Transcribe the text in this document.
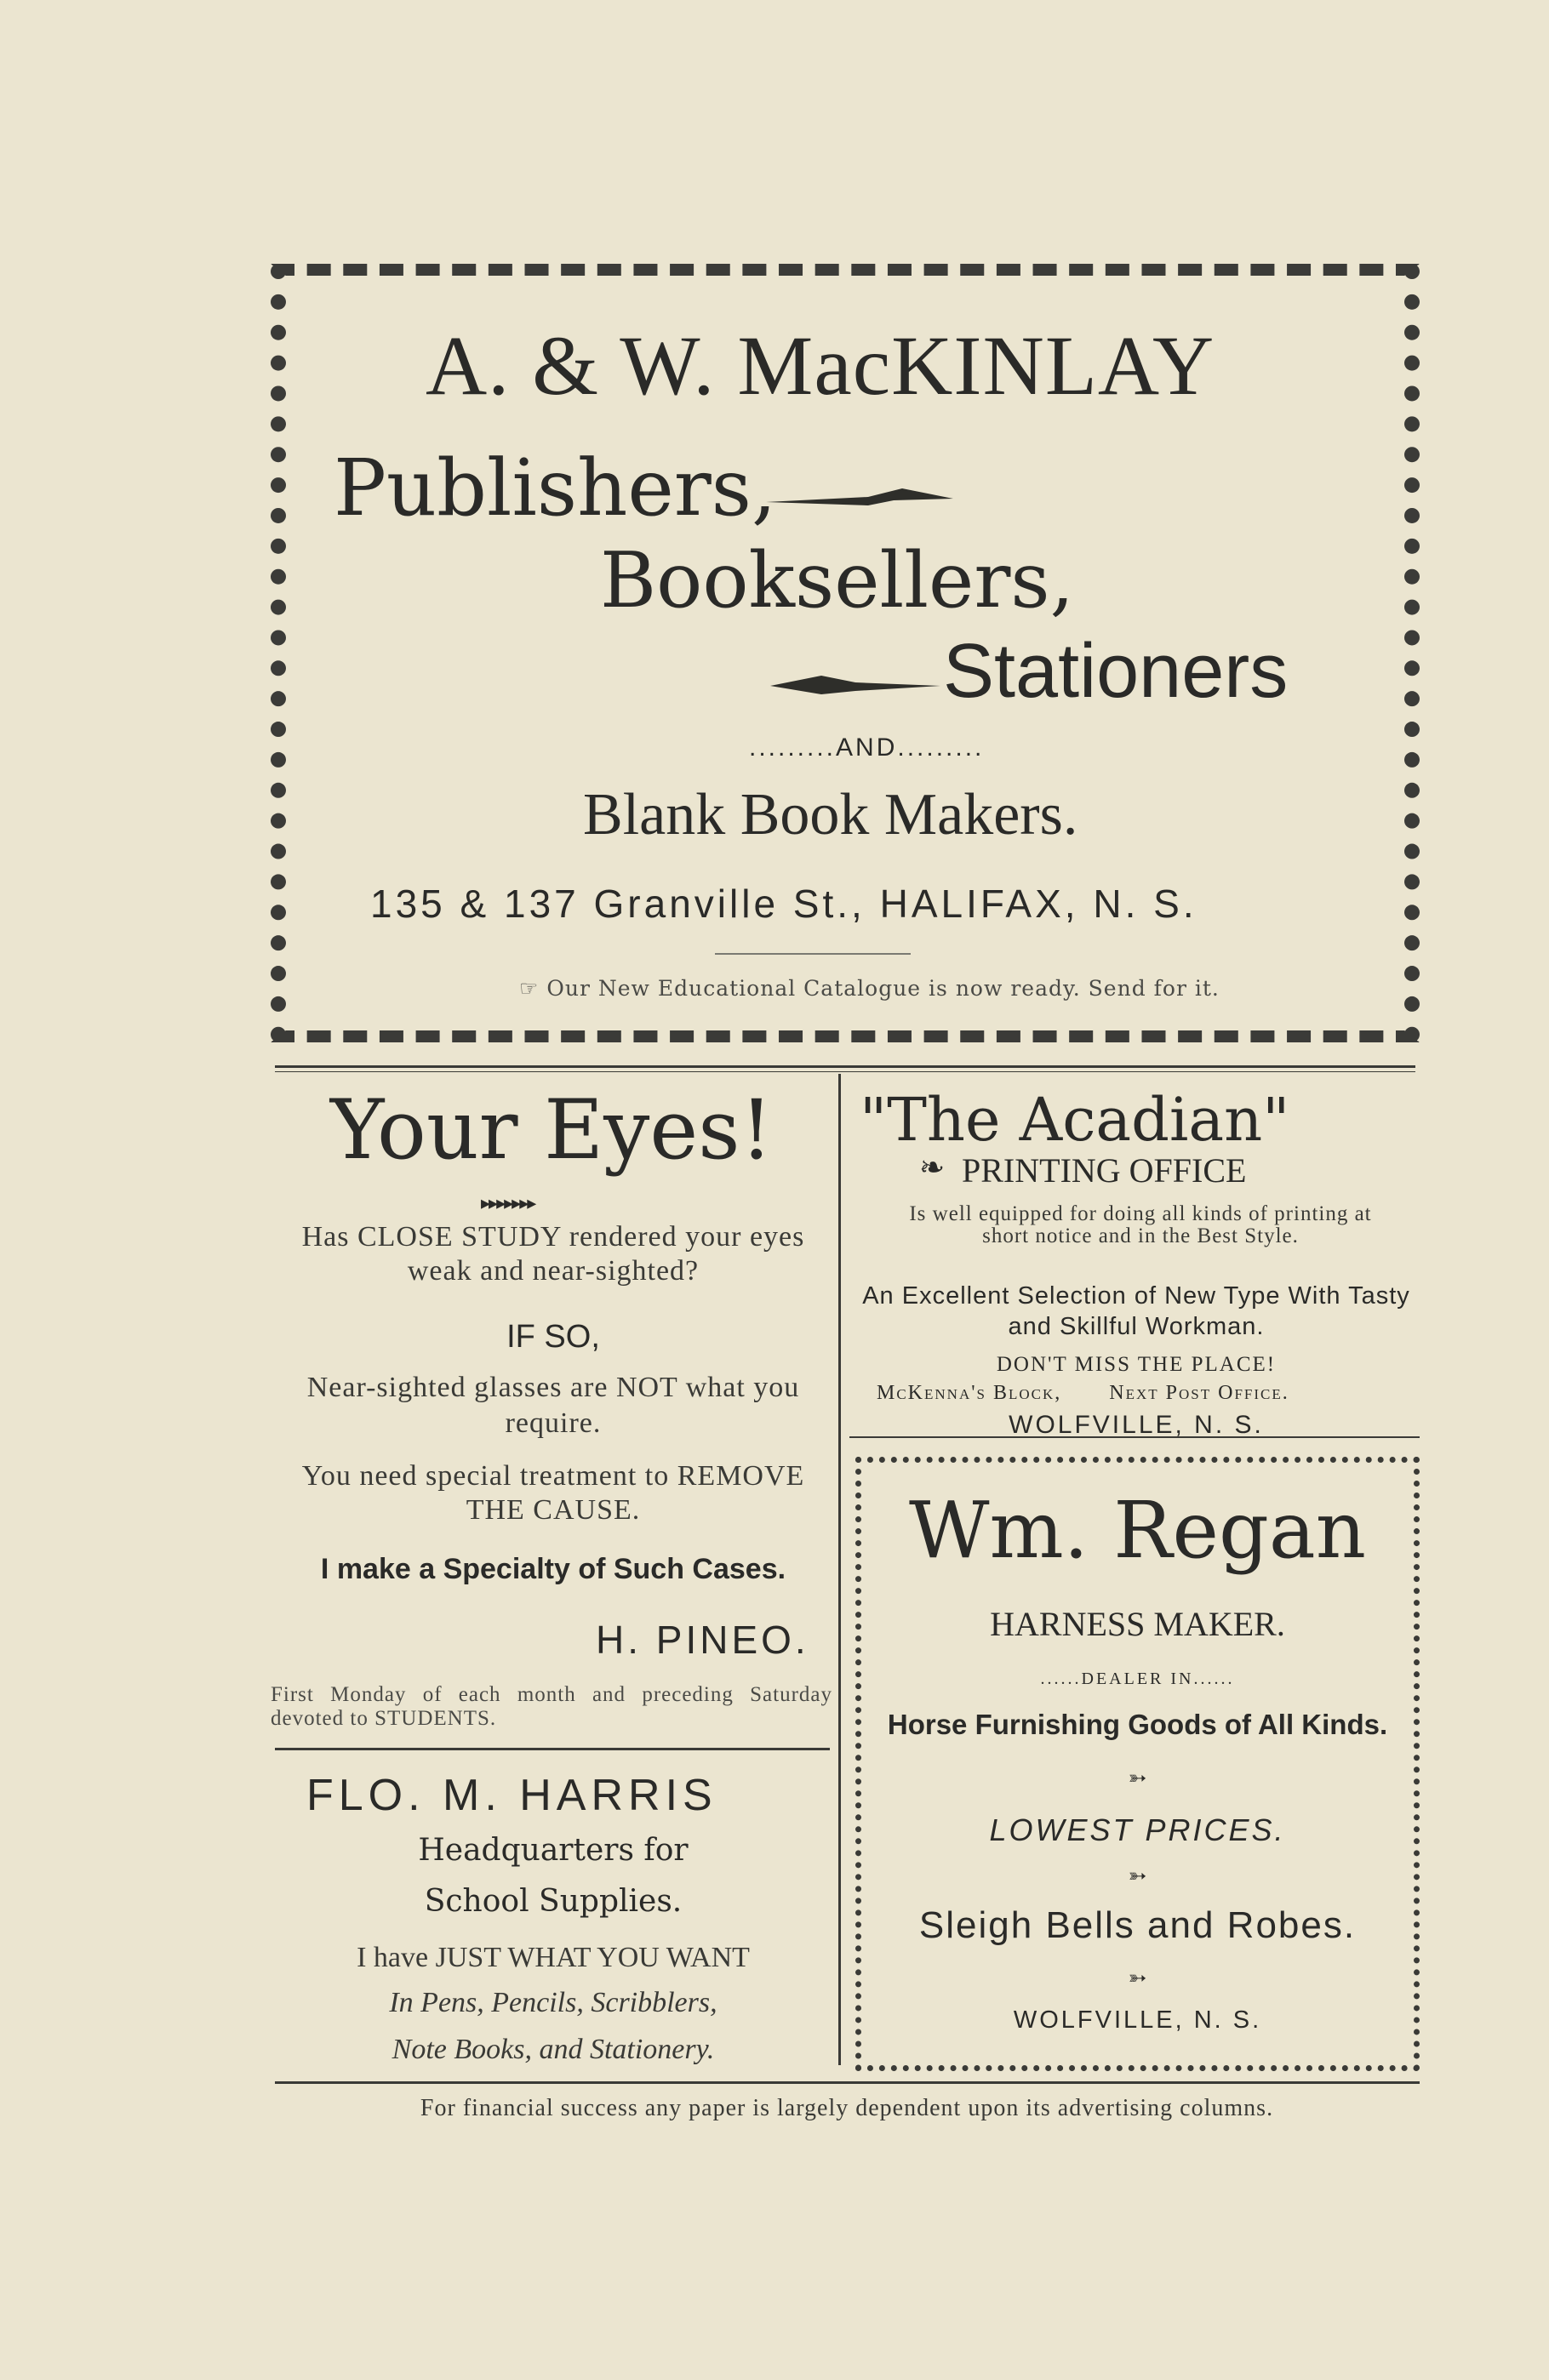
A. & W. MacKINLAY
Publishers,
Booksellers,
Stationers
.........AND.........
Blank Book Makers.
135 & 137 Granville St., HALIFAX, N. S.
☞ Our New Educational Catalogue is now ready. Send for it.
Your Eyes!
▸▸▸▸▸▸▸
Has CLOSE STUDY rendered your eyes weak and near-sighted?
IF SO,
Near-sighted glasses are NOT what you require.
You need special treatment to REMOVE THE CAUSE.
I make a Specialty of Such Cases.
H. PINEO.
First Monday of each month and preceding Saturday devoted to STUDENTS.
FLO. M. HARRIS
Headquarters for
School Supplies.
I have JUST WHAT YOU WANT
In Pens, Pencils, Scribblers,
Note Books, and Stationery.
"The Acadian"
❧ PRINTING OFFICE
Is well equipped for doing all kinds of printing at short notice and in the Best Style.
An Excellent Selection of New Type With Tasty and Skillful Workman.
DON'T MISS THE PLACE!
McKenna's Block,       Next Post Office.
WOLFVILLE, N. S.
Wm. Regan
HARNESS MAKER.
......DEALER IN......
Horse Furnishing Goods of All Kinds.
➳
LOWEST PRICES.
➳
Sleigh Bells and Robes.
➳
WOLFVILLE, N. S.
For financial success any paper is largely dependent upon its advertising columns.
